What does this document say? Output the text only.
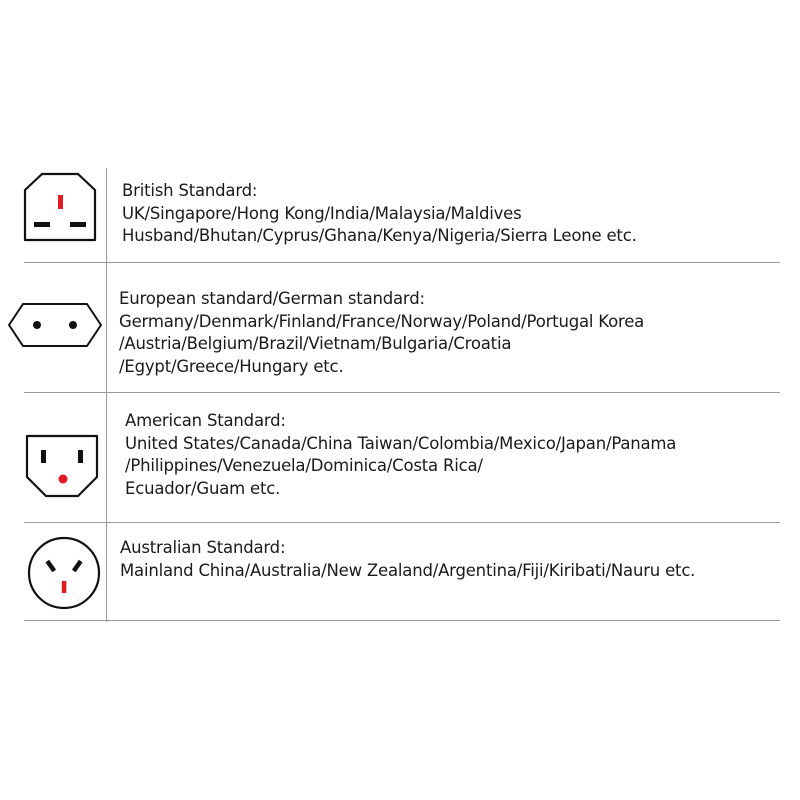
British Standard:
UK/Singapore/Hong Kong/India/Malaysia/Maldives
Husband/Bhutan/Cyprus/Ghana/Kenya/Nigeria/Sierra Leone etc.
European standard/German standard:
Germany/Denmark/Finland/France/Norway/Poland/Portugal Korea
/Austria/Belgium/Brazil/Vietnam/Bulgaria/Croatia
/Egypt/Greece/Hungary etc.
American Standard:
United States/Canada/China Taiwan/Colombia/Mexico/Japan/Panama
/Philippines/Venezuela/Dominica/Costa Rica/
Ecuador/Guam etc.
Australian Standard:
Mainland China/Australia/New Zealand/Argentina/Fiji/Kiribati/Nauru etc.
